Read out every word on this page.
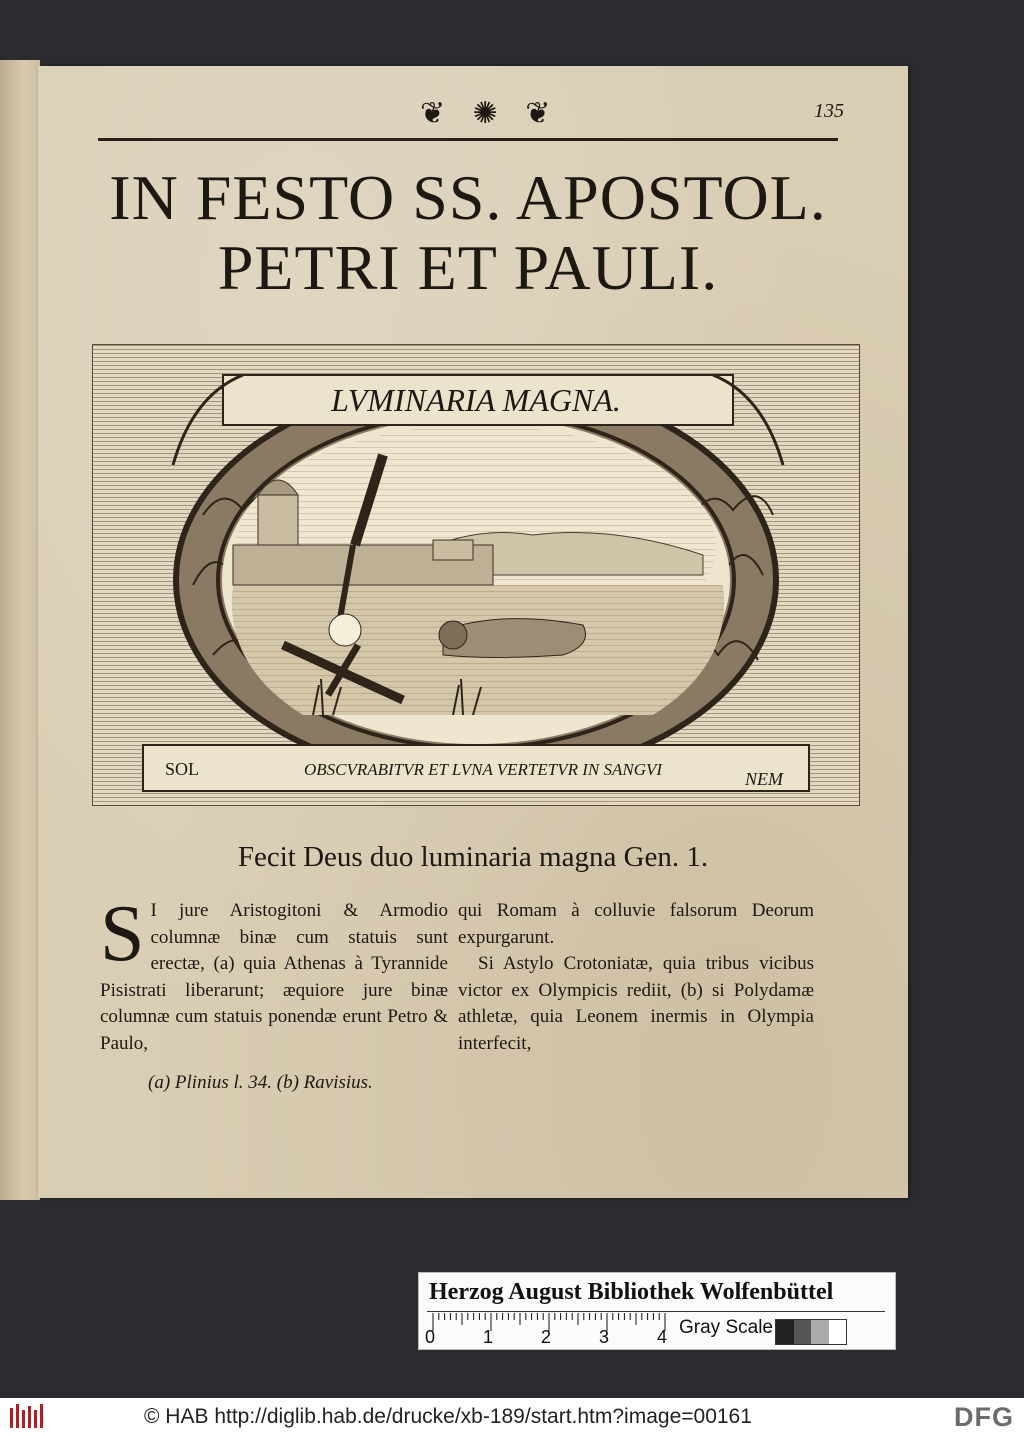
❦ ✺ ❦	135
IN FESTO SS. APOSTOL.
PETRI ET PAULI.
LVMINARIA MAGNA.
SOL	OBSCVRABITVR ET LVNA VERTETVR IN SANGVI	NEM
Fecit Deus duo luminaria magna Gen. 1.

S I jure Aristogitoni & Armodio columnæ binæ cum statuis sunt erectæ, (a) quia Athenas à Tyrannide Pisistrati liberarunt; æquiore jure binæ columnæ cum statuis ponendæ erunt Petro & Paulo,

qui Romam à colluvie falsorum Deorum expurgarunt.

Si Astylo Crotoniatæ, quia tribus vicibus victor ex Olympicis rediit, (b) si Polydamæ athletæ, quia Leonem inermis in Olympia interfecit,

(a) Plinius l. 34. (b) Ravisius.
Herzog August Bibliothek Wolfenbüttel
0	1	2	3	4 Gray Scale
© HAB http://diglib.hab.de/drucke/xb-189/start.htm?image=00161	DFG
